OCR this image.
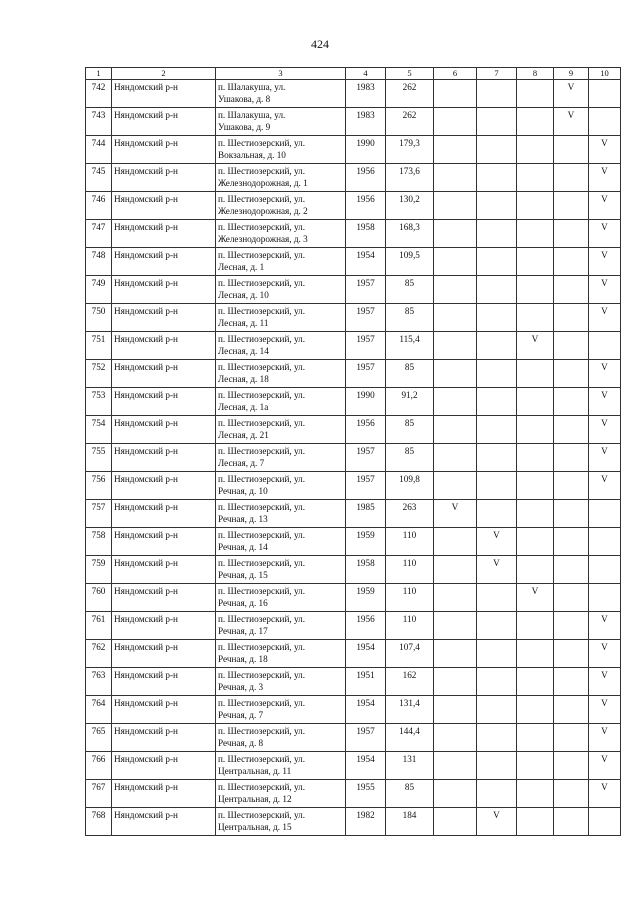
424
1	2	3	4	5	6	7	8	9	10
742	Няндомский р-н	п. Шалакуша, ул.
Ушакова, д. 8	1983	262				V	
743	Няндомский р-н	п. Шалакуша, ул.
Ушакова, д. 9	1983	262				V	
744	Няндомский р-н	п. Шестиозерский, ул.
Вокзальная, д. 10	1990	179,3					V
745	Няндомский р-н	п. Шестиозерский, ул.
Железнодорожная, д. 1	1956	173,6					V
746	Няндомский р-н	п. Шестиозерский, ул.
Железнодорожная, д. 2	1956	130,2					V
747	Няндомский р-н	п. Шестиозерский, ул.
Железнодорожная, д. 3	1958	168,3					V
748	Няндомский р-н	п. Шестиозерский, ул.
Лесная, д. 1	1954	109,5					V
749	Няндомский р-н	п. Шестиозерский, ул.
Лесная, д. 10	1957	85					V
750	Няндомский р-н	п. Шестиозерский, ул.
Лесная, д. 11	1957	85					V
751	Няндомский р-н	п. Шестиозерский, ул.
Лесная, д. 14	1957	115,4			V		
752	Няндомский р-н	п. Шестиозерский, ул.
Лесная, д. 18	1957	85					V
753	Няндомский р-н	п. Шестиозерский, ул.
Лесная, д. 1а	1990	91,2					V
754	Няндомский р-н	п. Шестиозерский, ул.
Лесная, д. 21	1956	85					V
755	Няндомский р-н	п. Шестиозерский, ул.
Лесная, д. 7	1957	85					V
756	Няндомский р-н	п. Шестиозерский, ул.
Речная, д. 10	1957	109,8					V
757	Няндомский р-н	п. Шестиозерский, ул.
Речная, д. 13	1985	263	V				
758	Няндомский р-н	п. Шестиозерский, ул.
Речная, д. 14	1959	110		V			
759	Няндомский р-н	п. Шестиозерский, ул.
Речная, д. 15	1958	110		V			
760	Няндомский р-н	п. Шестиозерский, ул.
Речная, д. 16	1959	110			V		
761	Няндомский р-н	п. Шестиозерский, ул.
Речная, д. 17	1956	110					V
762	Няндомский р-н	п. Шестиозерский, ул.
Речная, д. 18	1954	107,4					V
763	Няндомский р-н	п. Шестиозерский, ул.
Речная, д. 3	1951	162					V
764	Няндомский р-н	п. Шестиозерский, ул.
Речная, д. 7	1954	131,4					V
765	Няндомский р-н	п. Шестиозерский, ул.
Речная, д. 8	1957	144,4					V
766	Няндомский р-н	п. Шестиозерский, ул.
Центральная, д. 11	1954	131					V
767	Няндомский р-н	п. Шестиозерский, ул.
Центральная, д. 12	1955	85					V
768	Няндомский р-н	п. Шестиозерский, ул.
Центральная, д. 15	1982	184		V			
